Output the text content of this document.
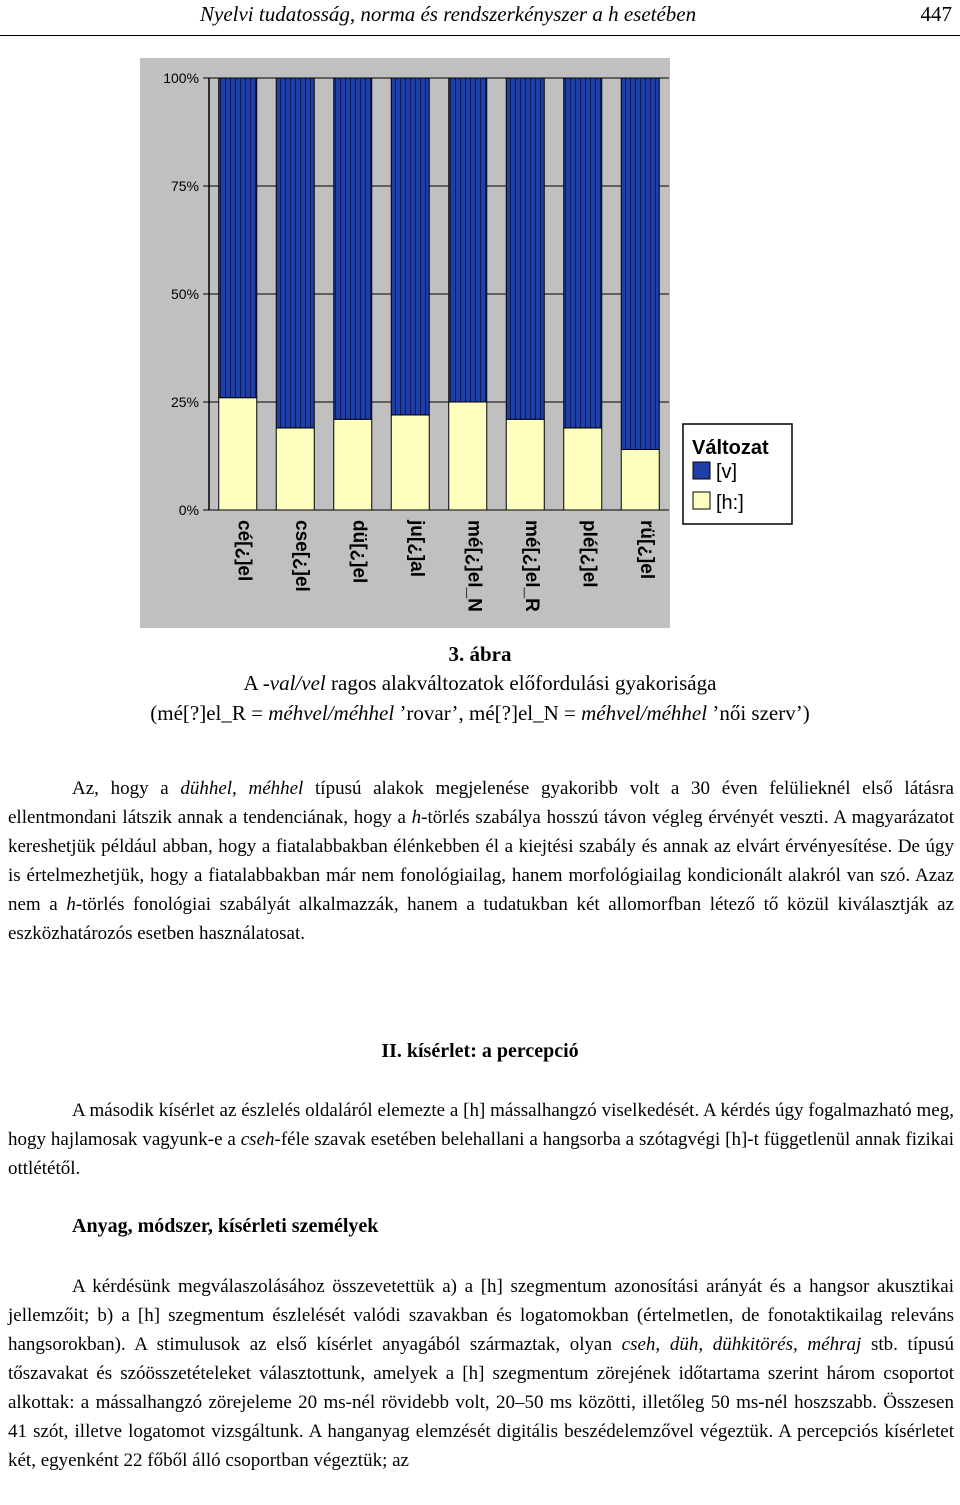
Nyelvi tudatosság, norma és rendszerkényszer a h esetében	447
0%
25%
50%
75%
100%
cé[¿]el cse[¿]el dü[¿]el ju[¿]al mé[¿]el_N mé[¿]el_R plé[¿]el rü[¿]el
Változat
[v]
[h:]
3. ábra
A -val/vel ragos alakváltozatok előfordulási gyakorisága
(mé[?]el_R = méhvel/méhhel ’rovar’, mé[?]el_N = méhvel/méhhel ’női szerv’)
Az, hogy a dühhel, méhhel típusú alakok megjelenése gyakoribb volt a 30 éven felülieknél első látásra ellentmondani látszik annak a tendenciának, hogy a h-törlés szabálya hosszú távon végleg érvényét veszti. A magyarázatot kereshetjük például abban, hogy a fiatalabbakban élénkebben él a kiejtési szabály és annak az elvárt érvényesítése. De úgy is értelmezhetjük, hogy a fiatalabbakban már nem fonológiailag, hanem morfológiailag kondicionált alakról van szó. Azaz nem a h-törlés fonológiai szabályát alkalmazzák, hanem a tudatukban két allomorfban létező tő közül kiválasztják az eszközhatározós esetben használatosat.
II. kísérlet: a percepció
A második kísérlet az észlelés oldaláról elemezte a [h] mássalhangzó viselkedését. A kérdés úgy fogalmazható meg, hogy hajlamosak vagyunk-e a cseh-féle szavak esetében belehallani a hangsorba a szótagvégi [h]-t függetlenül annak fizikai ottlététől.
Anyag, módszer, kísérleti személyek
A kérdésünk megválaszolásához összevetettük a) a [h] szegmentum azonosítási arányát és a hangsor akusztikai jellemzőit; b) a [h] szegmentum észlelését valódi szavakban és logatomokban (értelmetlen, de fonotaktikailag releváns hangsorokban). A stimulusok az első kísérlet anyagából származtak, olyan cseh, düh, dühkitörés, méhraj stb. típusú tőszavakat és szóösszetételeket választottunk, amelyek a [h] szegmentum zörejének időtartama szerint három csoportot alkottak: a mássalhangzó zörejeleme 20 ms-nél rövidebb volt, 20–50 ms közötti, illetőleg 50 ms-nél hoszszabb. Összesen 41 szót, illetve logatomot vizsgáltunk. A hanganyag elemzését digitális beszédelemzővel végeztük. A percepciós kísérletet két, egyenként 22 főből álló csoportban végeztük; az
